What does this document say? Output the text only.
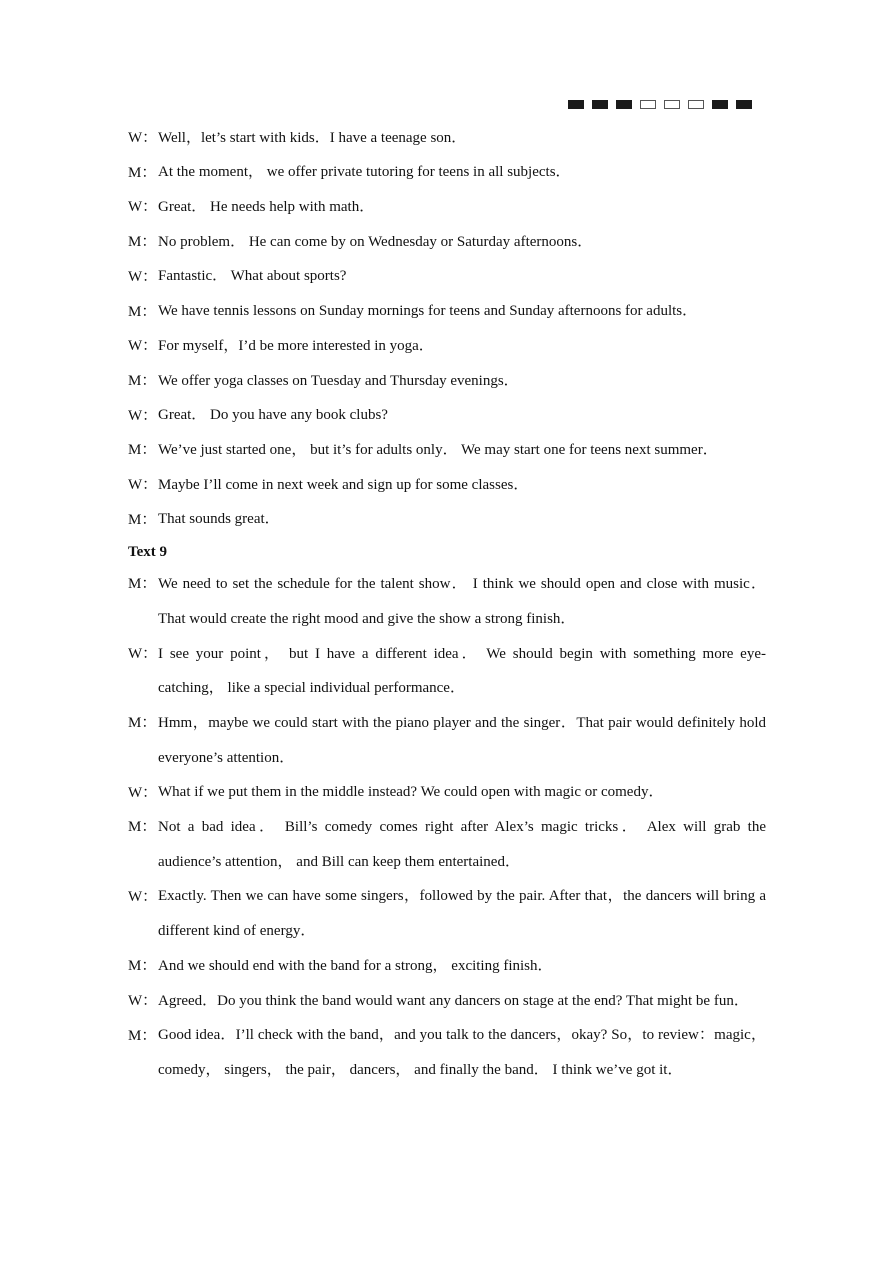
W： Well，let’s start with kids．I have a teenage son．
M： At the moment， we offer private tutoring for teens in all subjects．
W： Great． He needs help with math．
M： No problem． He can come by on Wednesday or Saturday afternoons．
W： Fantastic． What about sports?
M： We have tennis lessons on Sunday mornings for teens and Sunday afternoons for adults．
W： For myself，I’d be more interested in yoga．
M： We offer yoga classes on Tuesday and Thursday evenings．
W： Great． Do you have any book clubs?
M： We’ve just started one， but it’s for adults only． We may start one for teens next summer．
W： Maybe I’ll come in next week and sign up for some classes．
M： That sounds great．
Text 9
M： We need to set the schedule for the talent show． I think we should open and close with music． That would create the right mood and give the show a strong finish．
W： I see your point， but I have a different idea． We should begin with something more eye-catching， like a special individual performance．
M： Hmm，maybe we could start with the piano player and the singer．That pair would definitely hold everyone’s attention．
W： What if we put them in the middle instead? We could open with magic or comedy．
M： Not a bad idea． Bill’s comedy comes right after Alex’s magic tricks． Alex will grab the audience’s attention， and Bill can keep them entertained．
W： Exactly. Then we can have some singers，followed by the pair. After that，the dancers will bring a different kind of energy．
M： And we should end with the band for a strong， exciting finish．
W： Agreed．Do you think the band would want any dancers on stage at the end? That might be fun．
M： Good idea．I’ll check with the band，and you talk to the dancers，okay? So，to review：magic，comedy， singers， the pair， dancers， and finally the band． I think we’ve got it．
